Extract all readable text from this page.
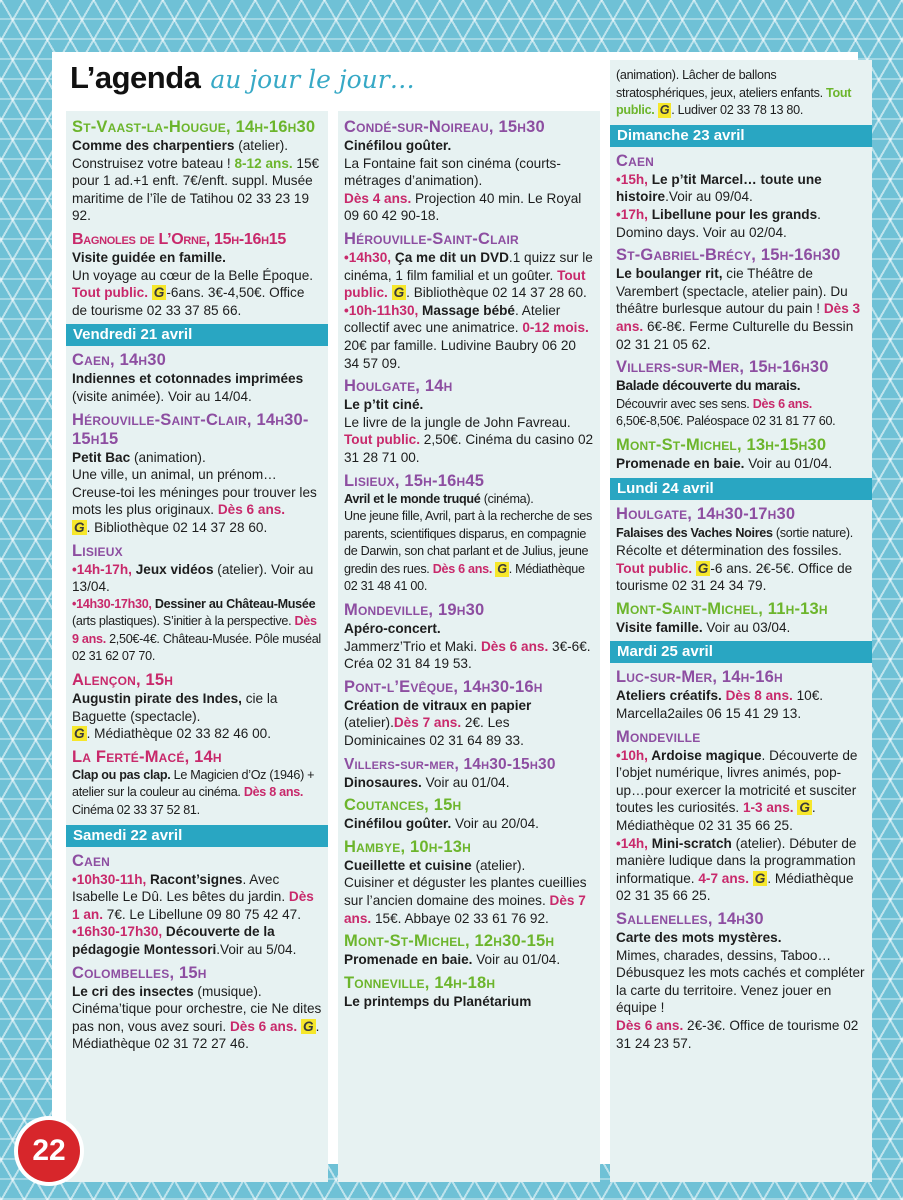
L’agenda au jour le jour…

St-Vaast-la-Hougue, 14h-16h30

Comme des charpentiers (atelier).
Construisez votre bateau ! 8-12 ans. 15€ pour 1 ad.+1 enft. 7€/enft. suppl. Musée maritime de l’île de Tatihou 02 33 23 19 92.

Bagnoles de L’Orne, 15h-16h15

Visite guidée en famille.
Un voyage au cœur de la Belle Époque. Tout public. G -6ans. 3€-4,50€. Office de tourisme 02 33 37 85 66.

Vendredi 21 avril

Caen, 14h30

Indiennes et cotonnades imprimées (visite animée). Voir au 14/04.

Hérouville-Saint-Clair, 14h30-15h15

Petit Bac (animation).
Une ville, un animal, un prénom… Creuse-toi les méninges pour trouver les mots les plus originaux. Dès 6 ans.
G . Bibliothèque 02 14 37 28 60.

Lisieux

•14h-17h, Jeux vidéos (atelier). Voir au 13/04.

•14h30-17h30, Dessiner au Château-Musée (arts plastiques). S’initier à la perspective. Dès 9 ans. 2,50€-4€. Château-Musée. Pôle muséal 02 31 62 07 70.

Alençon, 15h

Augustin pirate des Indes, cie la Baguette (spectacle).
G . Médiathèque 02 33 82 46 00.

La Ferté-Macé, 14h

Clap ou pas clap. Le Magicien d’Oz (1946) + atelier sur la couleur au cinéma. Dès 8 ans. Cinéma 02 33 37 52 81.

Samedi 22 avril

Caen

•10h30-11h, Racont’signes. Avec Isabelle Le Dû. Les bêtes du jardin. Dès 1 an. 7€. Le Libellune 09 80 75 42 47.

•16h30-17h30, Découverte de la pédagogie Montessori.Voir au 5/04.

Colombelles, 15h

Le cri des insectes (musique).
Cinéma’tique pour orchestre, cie Ne dites pas non, vous avez souri. Dès 6 ans. G . Médiathèque 02 31 72 27 46.

Condé-sur-Noireau, 15h30

Cinéfilou goûter.
La Fontaine fait son cinéma (courts-métrages d’animation).
Dès 4 ans. Projection 40 min. Le Royal 09 60 42 90-18.

Hérouville-Saint-Clair

•14h30, Ça me dit un DVD.1 quizz sur le cinéma, 1 film familial et un goûter. Tout public. G . Bibliothèque 02 14 37 28 60.

•10h-11h30, Massage bébé. Atelier collectif avec une animatrice. 0-12 mois. 20€ par famille. Ludivine Baubry 06 20 34 57 09.

Houlgate, 14h

Le p’tit ciné.
Le livre de la jungle de John Favreau. Tout public. 2,50€. Cinéma du casino 02 31 28 71 00.

Lisieux, 15h-16h45

Avril et le monde truqué (cinéma).
Une jeune fille, Avril, part à la recherche de ses parents, scientifiques disparus, en compagnie de Darwin, son chat parlant et de Julius, jeune gredin des rues. Dès 6 ans. G . Médiathèque 02 31 48 41 00.

Mondeville, 19h30

Apéro-concert.
Jammerz’Trio et Maki. Dès 6 ans. 3€-6€. Créa 02 31 84 19 53.

Pont-l’Evêque, 14h30-16h

Création de vitraux en papier
(atelier).Dès 7 ans. 2€. Les Dominicaines 02 31 64 89 33.

Villers-sur-mer, 14h30-15h30

Dinosaures. Voir au 01/04.

Coutances, 15h

Cinéfilou goûter. Voir au 20/04.

Hambye, 10h-13h

Cueillette et cuisine (atelier).
Cuisiner et déguster les plantes cueillies sur l’ancien domaine des moines. Dès 7 ans. 15€. Abbaye 02 33 61 76 92.

Mont-St-Michel, 12h30-15h

Promenade en baie. Voir au 01/04.

Tonneville, 14h-18h

Le printemps du Planétarium

(animation). Lâcher de ballons stratosphériques, jeux, ateliers enfants. Tout public. G . Ludiver 02 33 78 13 80.

Dimanche 23 avril

Caen

•15h, Le p’tit Marcel… toute une histoire.Voir au 09/04.

•17h, Libellune pour les grands. Domino days. Voir au 02/04.

St-Gabriel-Brécy, 15h-16h30

Le boulanger rit, cie Théâtre de Varembert (spectacle, atelier pain). Du théâtre burlesque autour du pain ! Dès 3 ans. 6€-8€. Ferme Culturelle du Bessin 02 31 21 05 62.

Villers-sur-Mer, 15h-16h30

Balade découverte du marais.
Découvrir avec ses sens. Dès 6 ans. 6,50€-8,50€. Paléospace 02 31 81 77 60.

Mont-St-Michel, 13h-15h30

Promenade en baie. Voir au 01/04.

Lundi 24 avril

Houlgate, 14h30-17h30

Falaises des Vaches Noires (sortie nature). Récolte et détermination des fossiles. Tout public. G -6 ans. 2€-5€. Office de tourisme 02 31 24 34 79.

Mont-Saint-Michel, 11h-13h

Visite famille. Voir au 03/04.

Mardi 25 avril

Luc-sur-Mer, 14h-16h

Ateliers créatifs. Dès 8 ans. 10€. Marcella2ailes 06 15 41 29 13.

Mondeville

•10h, Ardoise magique. Découverte de l’objet numérique, livres animés, pop-up…pour exercer la motricité et susciter toutes les curiosités. 1-3 ans. G . Médiathèque 02 31 35 66 25.

•14h, Mini-scratch (atelier). Débuter de manière ludique dans la programmation informatique. 4-7 ans. G . Médiathèque 02 31 35 66 25.

Sallenelles, 14h30

Carte des mots mystères.
Mimes, charades, dessins, Taboo… Débusquez les mots cachés et compléter la carte du territoire. Venez jouer en équipe !
Dès 6 ans. 2€-3€. Office de tourisme 02 31 24 23 57.

22
